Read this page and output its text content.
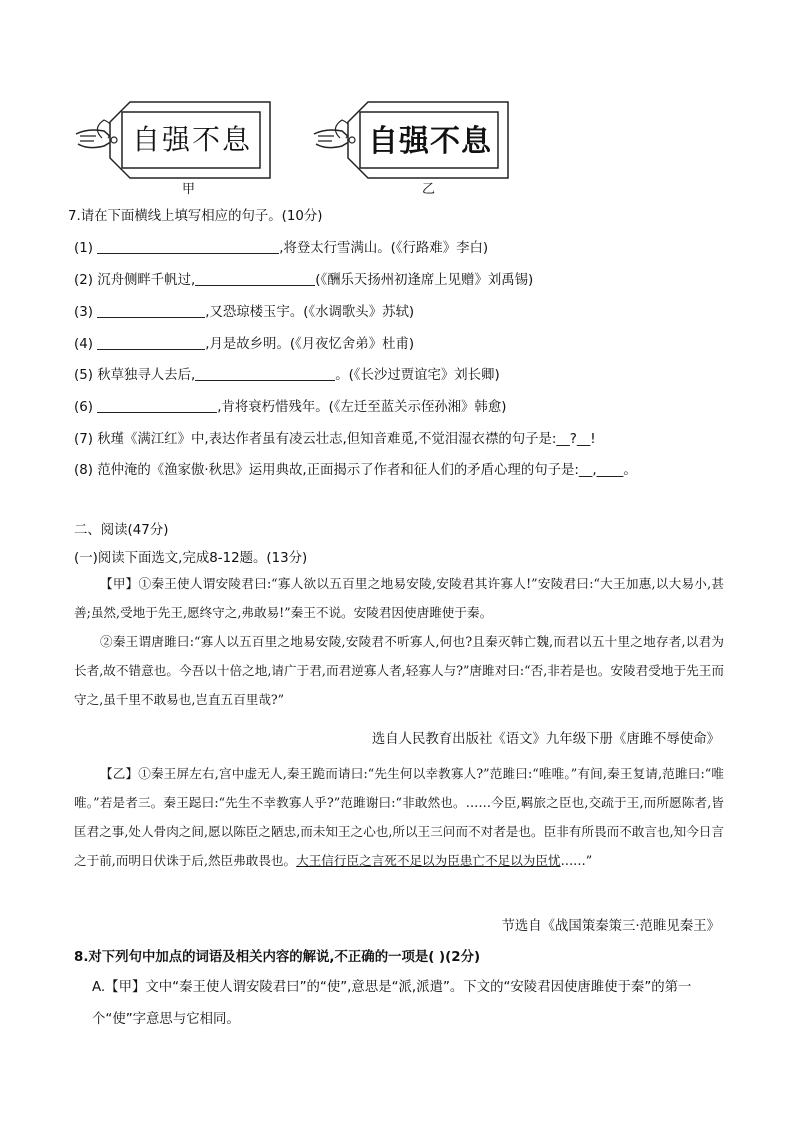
自强不息
甲
自强不息
乙
7.请在下面横线上填写相应的句子。(10分)
(1)	,将登太行雪满山。(《行路难》李白)
(2) 沉舟侧畔千帆过,	(《酬乐天扬州初逢席上见赠》刘禹锡)
(3)	,又恐琼楼玉宇。(《水调歌头》苏轼)
(4)	,月是故乡明。(《月夜忆舍弟》杜甫)
(5) 秋草独寻人去后,	。(《长沙过贾谊宅》刘长卿)
(6)	,肯将衰朽惜残年。(《左迁至蓝关示侄孙湘》韩愈)
(7) 秋瑾《满江红》中,表达作者虽有凌云壮志,但知音难觅,不觉泪湿衣襟的句子是:__?__!
(8) 范仲淹的《渔家傲·秋思》运用典故,正面揭示了作者和征人们的矛盾心理的句子是:__,____。
二、阅读(47分)
(一)阅读下面选文,完成8-12题。(13分)
【甲】①秦王使人谓安陵君曰:“寡人欲以五百里之地易安陵,安陵君其许寡人!”安陵君曰:“大王加惠,以大易小,甚善;虽然,受地于先王,愿终守之,弗敢易!”秦王不说。安陵君因使唐雎使于秦。
②秦王谓唐雎曰:“寡人以五百里之地易安陵,安陵君不听寡人,何也?且秦灭韩亡魏,而君以五十里之地存者,以君为长者,故不错意也。今吾以十倍之地,请广于君,而君逆寡人者,轻寡人与?”唐雎对曰:“否,非若是也。安陵君受地于先王而守之,虽千里不敢易也,岂直五百里哉?”
选自人民教育出版社《语文》九年级下册《唐雎不辱使命》
【乙】①秦王屏左右,宫中虚无人,秦王跪而请曰:“先生何以幸教寡人?”范雎曰:“唯唯。”有间,秦王复请,范雎曰:“唯唯。”若是者三。秦王跽曰:“先生不幸教寡人乎?”范雎谢曰:“非敢然也。……今臣,羁旅之臣也,交疏于王,而所愿陈者,皆匡君之事,处人骨肉之间,愿以陈臣之陋忠,而未知王之心也,所以王三问而不对者是也。臣非有所畏而不敢言也,知今日言之于前,而明日伏诛于后,然臣弗敢畏也。大王信行臣之言死不足以为臣患亡不足以为臣忧……”
节选自《战国策秦策三·范睢见秦王》
8.对下列句中加点的词语及相关内容的解说,不正确的一项是( )(2分)
A.【甲】文中“秦王使人谓安陵君曰”的“使”,意思是“派,派遣”。下文的“安陵君因使唐雎使于秦”的第一个“使”字意思与它相同。
